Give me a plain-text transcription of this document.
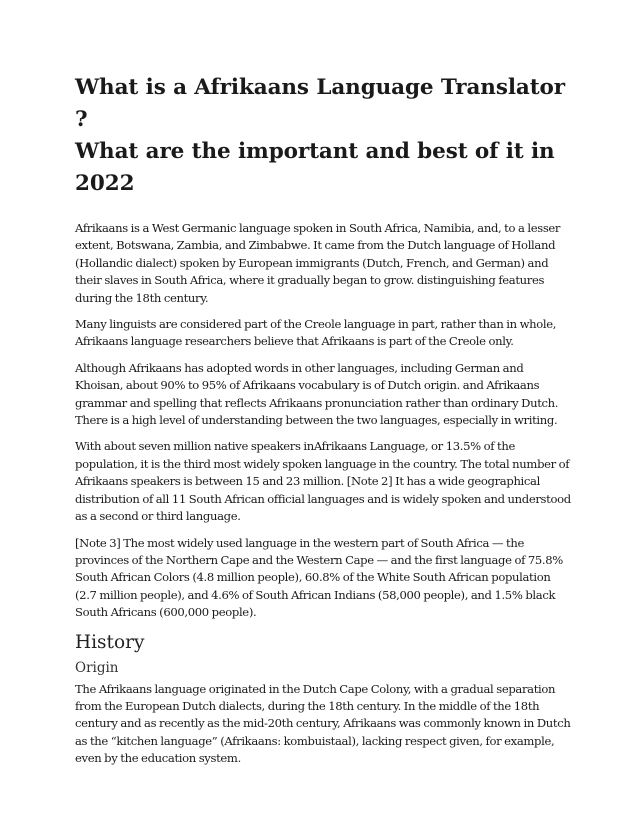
What is a Afrikaans Language Translator ?
What are the important and best of it in 2022

Afrikaans is a West Germanic language spoken in South Africa, Namibia, and, to a lesser extent, Botswana, Zambia, and Zimbabwe. It came from the Dutch language of Holland (Hollandic dialect) spoken by European immigrants (Dutch, French, and German) and their slaves in South Africa, where it gradually began to grow. distinguishing features during the 18th century.

Many linguists are considered part of the Creole language in part, rather than in whole, Afrikaans language researchers believe that Afrikaans is part of the Creole only.

Although Afrikaans has adopted words in other languages, including German and Khoisan, about 90% to 95% of Afrikaans vocabulary is of Dutch origin. and Afrikaans grammar and spelling that reflects Afrikaans pronunciation rather than ordinary Dutch. There is a high level of understanding between the two languages, especially in writing.

With about seven million native speakers inAfrikaans Language, or 13.5% of the population, it is the third most widely spoken language in the country. The total number of Afrikaans speakers is between 15 and 23 million. [Note 2] It has a wide geographical distribution of all 11 South African official languages and is widely spoken and understood as a second or third language.

[Note 3] The most widely used language in the western part of South Africa — the provinces of the Northern Cape and the Western Cape — and the first language of 75.8% South African Colors (4.8 million people), 60.8% of the White South African population (2.7 million people), and 4.6% of South African Indians (58,000 people), and 1.5% black South Africans (600,000 people).

History
Origin

The Afrikaans language originated in the Dutch Cape Colony, with a gradual separation from the European Dutch dialects, during the 18th century. In the middle of the 18th century and as recently as the mid-20th century, Afrikaans was commonly known in Dutch as the “kitchen language” (Afrikaans: kombuistaal), lacking respect given, for example, even by the education system.
